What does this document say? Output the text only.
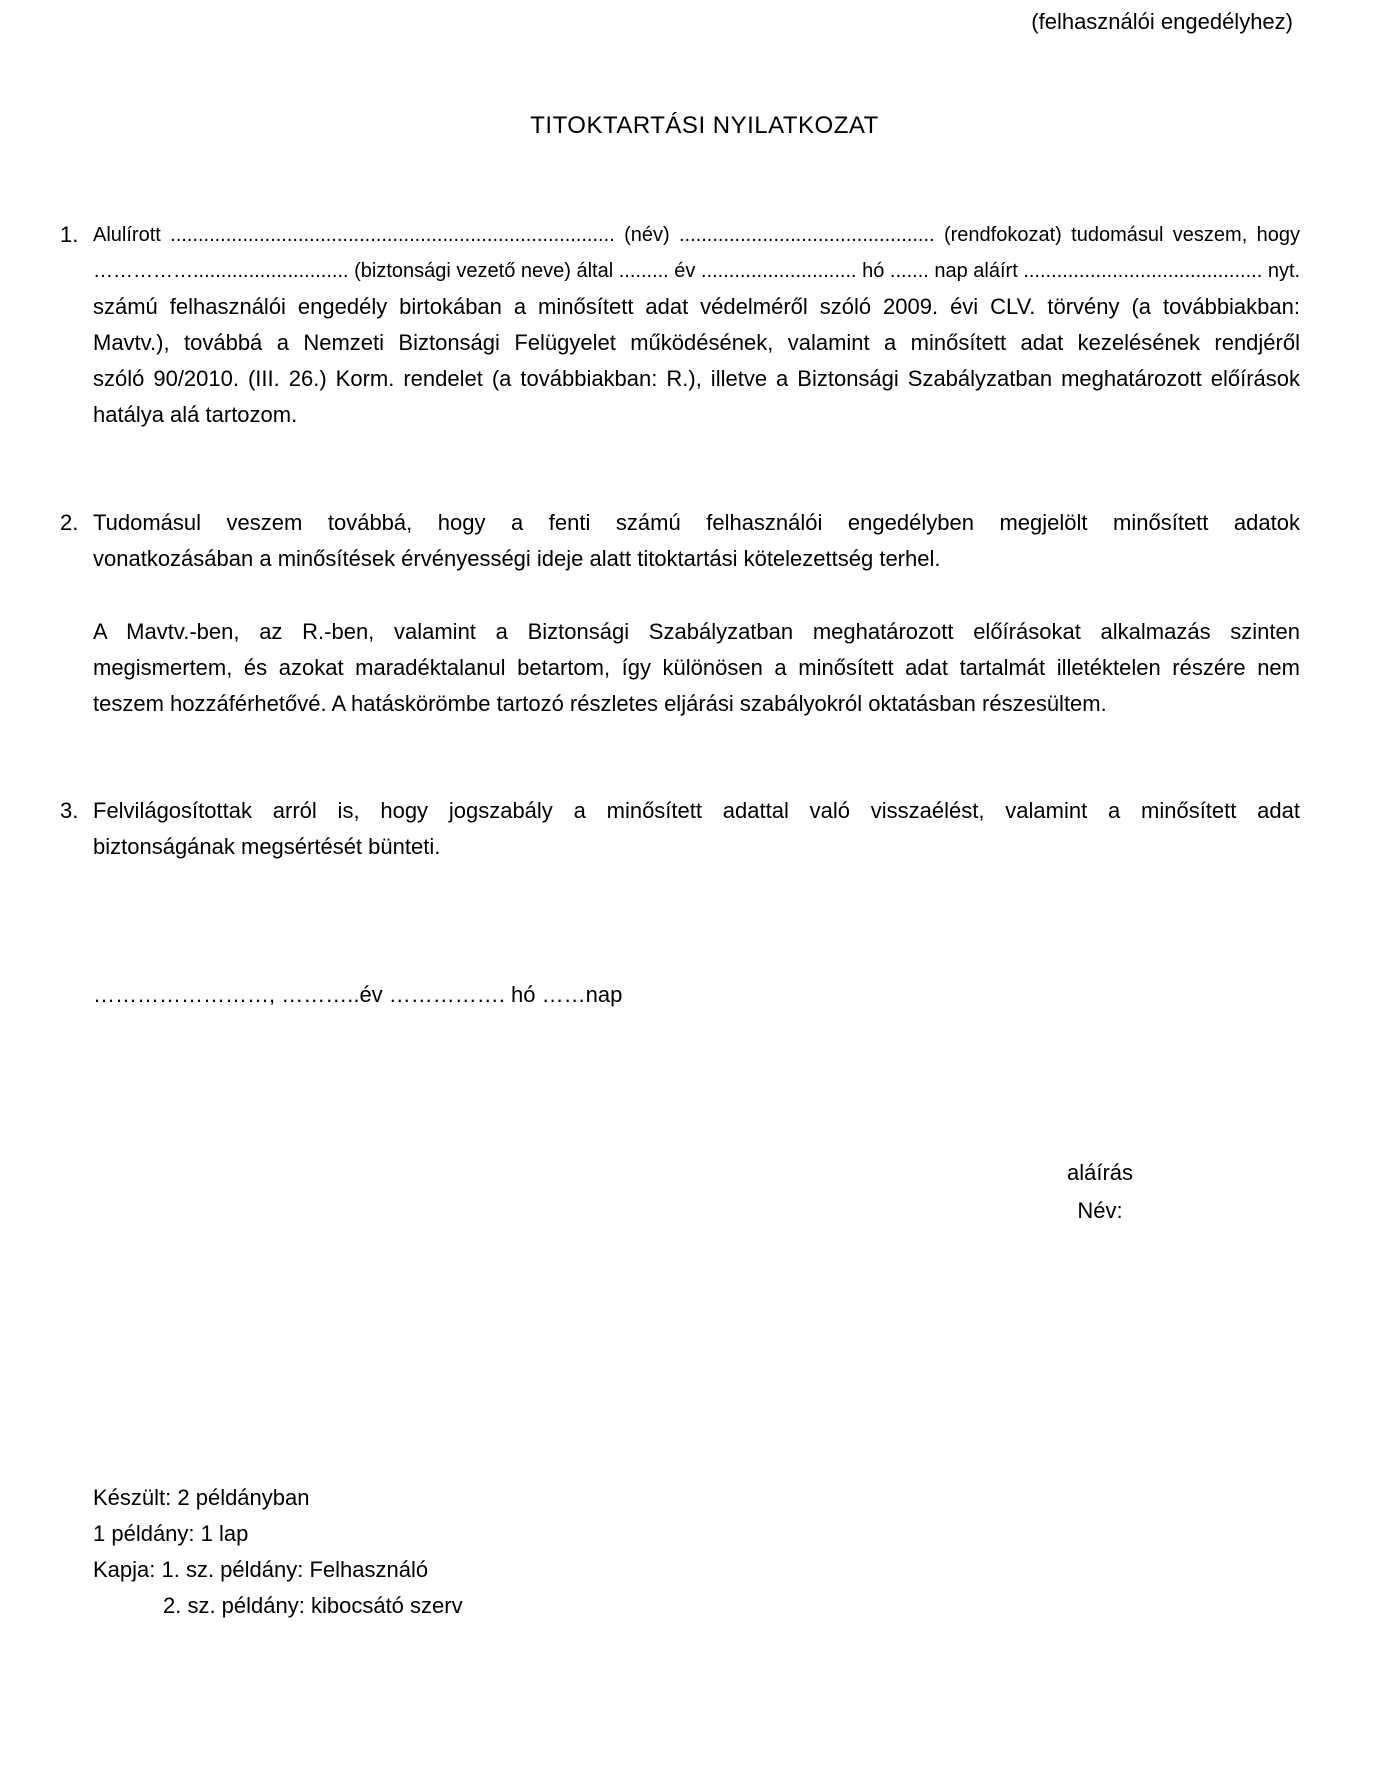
(felhasználói engedélyhez)
TITOKTARTÁSI NYILATKOZAT
1. Alulírott ................................................................................ (név) .............................................. (rendfokozat) tudomásul veszem, hogy
……………............................ (biztonsági vezető neve) által ......... év ............................ hó ....... nap aláírt ........................................... nyt.
számú felhasználói engedély birtokában a minősített adat védelméről szóló 2009. évi CLV. törvény (a továbbiakban:
Mavtv.), továbbá a Nemzeti Biztonsági Felügyelet működésének, valamint a minősített adat kezelésének rendjéről
szóló 90/2010. (III. 26.) Korm. rendelet (a továbbiakban: R.), illetve a Biztonsági Szabályzatban meghatározott előírások
hatálya alá tartozom.
2. Tudomásul veszem továbbá, hogy a fenti számú felhasználói engedélyben megjelölt minősített adatok
vonatkozásában a minősítések érvényességi ideje alatt titoktartási kötelezettség terhel.
A Mavtv.-ben, az R.-ben, valamint a Biztonsági Szabályzatban meghatározott előírásokat alkalmazás szinten
megismertem, és azokat maradéktalanul betartom, így különösen a minősített adat tartalmát illetéktelen részére nem
teszem hozzáférhetővé. A hatáskörömbe tartozó részletes eljárási szabályokról oktatásban részesültem.
3. Felvilágosítottak arról is, hogy jogszabály a minősített adattal való visszaélést, valamint a minősített adat
biztonságának megsértését bünteti.
……………………, ………..év ……………. hó ……nap
aláírás
Név:
Készült: 2 példányban
1 példány: 1 lap
Kapja: 1. sz. példány: Felhasználó
2. sz. példány: kibocsátó szerv
